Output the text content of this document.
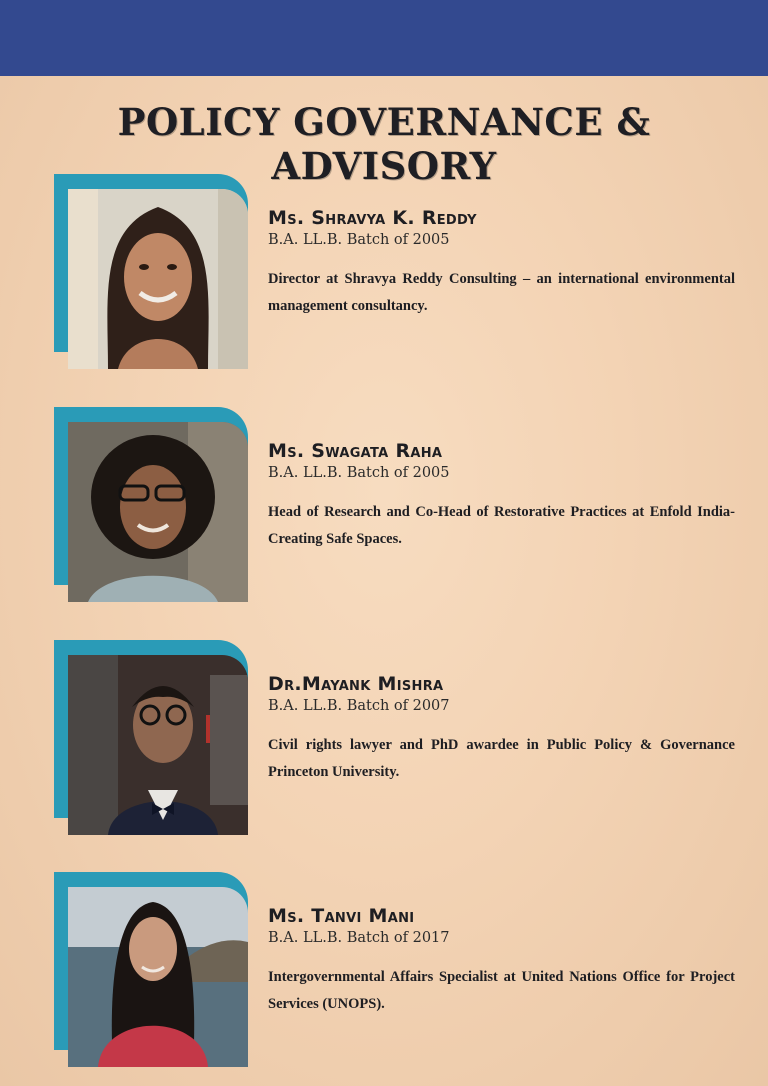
POLICY GOVERNANCE & ADVISORY
Ms. Shravya K. Reddy
B.A. LL.B. Batch of 2005
Director at Shravya Reddy Consulting – an international environmental management consultancy.
Ms. Swagata Raha
B.A. LL.B. Batch of 2005
Head of Research and Co-Head of Restorative Practices at Enfold India- Creating Safe Spaces.
Dr.Mayank Mishra
B.A. LL.B. Batch of 2007
Civil rights lawyer and PhD awardee in Public Policy & Governance Princeton University.
Ms. Tanvi Mani
B.A. LL.B. Batch of 2017
Intergovernmental Affairs Specialist at United Nations Office for Project Services (UNOPS).
